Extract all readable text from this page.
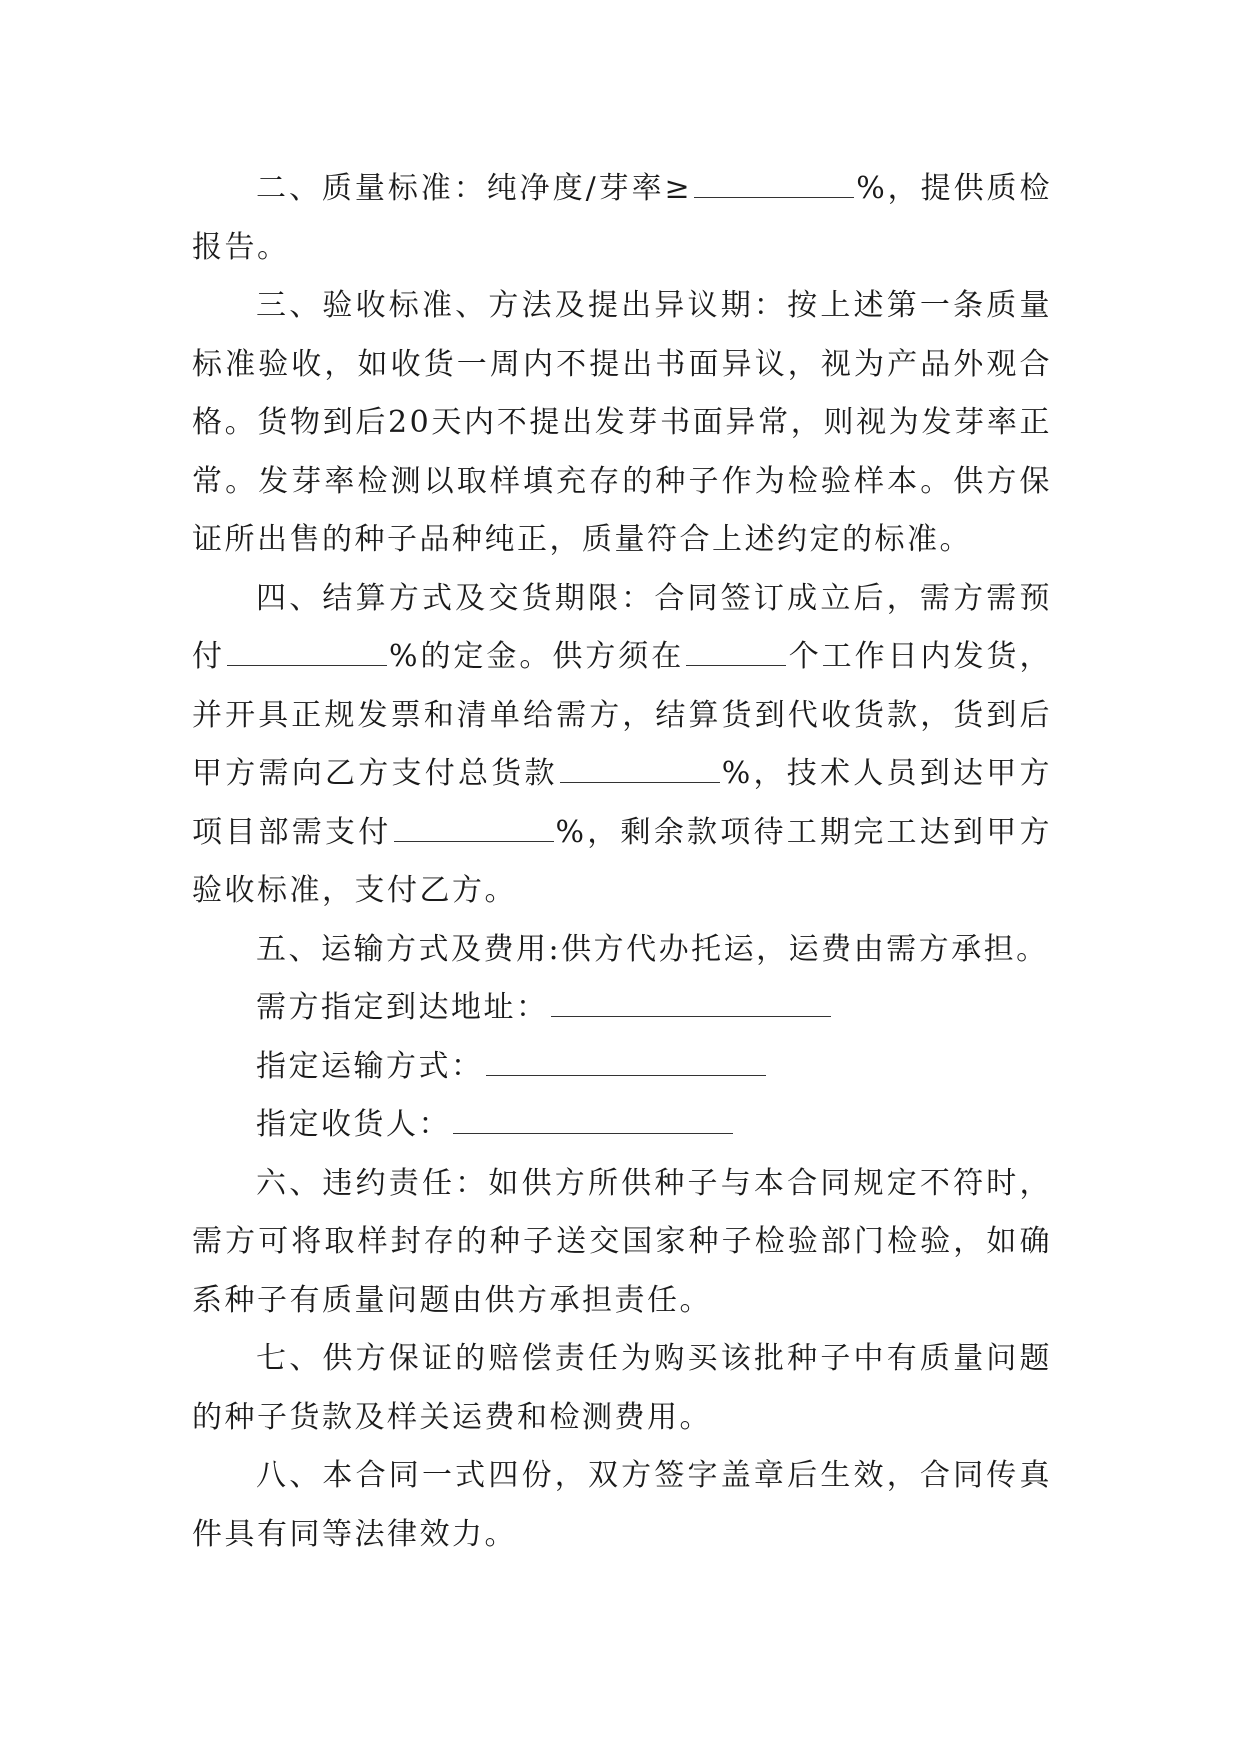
二、质量标准：纯净度/芽率≥	%，提供质检报告。

三、验收标准、方法及提出异议期：按上述第一条质量标准验收，如收货一周内不提出书面异议，视为产品外观合格。货物到后20天内不提出发芽书面异常，则视为发芽率正常。发芽率检测以取样填充存的种子作为检验样本。供方保证所出售的种子品种纯正，质量符合上述约定的标准。

四、结算方式及交货期限：合同签订成立后，需方需预付	%的定金。供方须在	个工作日内发货，并开具正规发票和清单给需方，结算货到代收货款，货到后甲方需向乙方支付总货款	%，技术人员到达甲方项目部需支付	%，剩余款项待工期完工达到甲方验收标准，支付乙方。

五、运输方式及费用:供方代办托运，运费由需方承担。

需方指定到达地址：

指定运输方式：

指定收货人：

六、违约责任：如供方所供种子与本合同规定不符时，需方可将取样封存的种子送交国家种子检验部门检验，如确系种子有质量问题由供方承担责任。

七、供方保证的赔偿责任为购买该批种子中有质量问题的种子货款及样关运费和检测费用。

八、本合同一式四份，双方签字盖章后生效，合同传真件具有同等法律效力。
